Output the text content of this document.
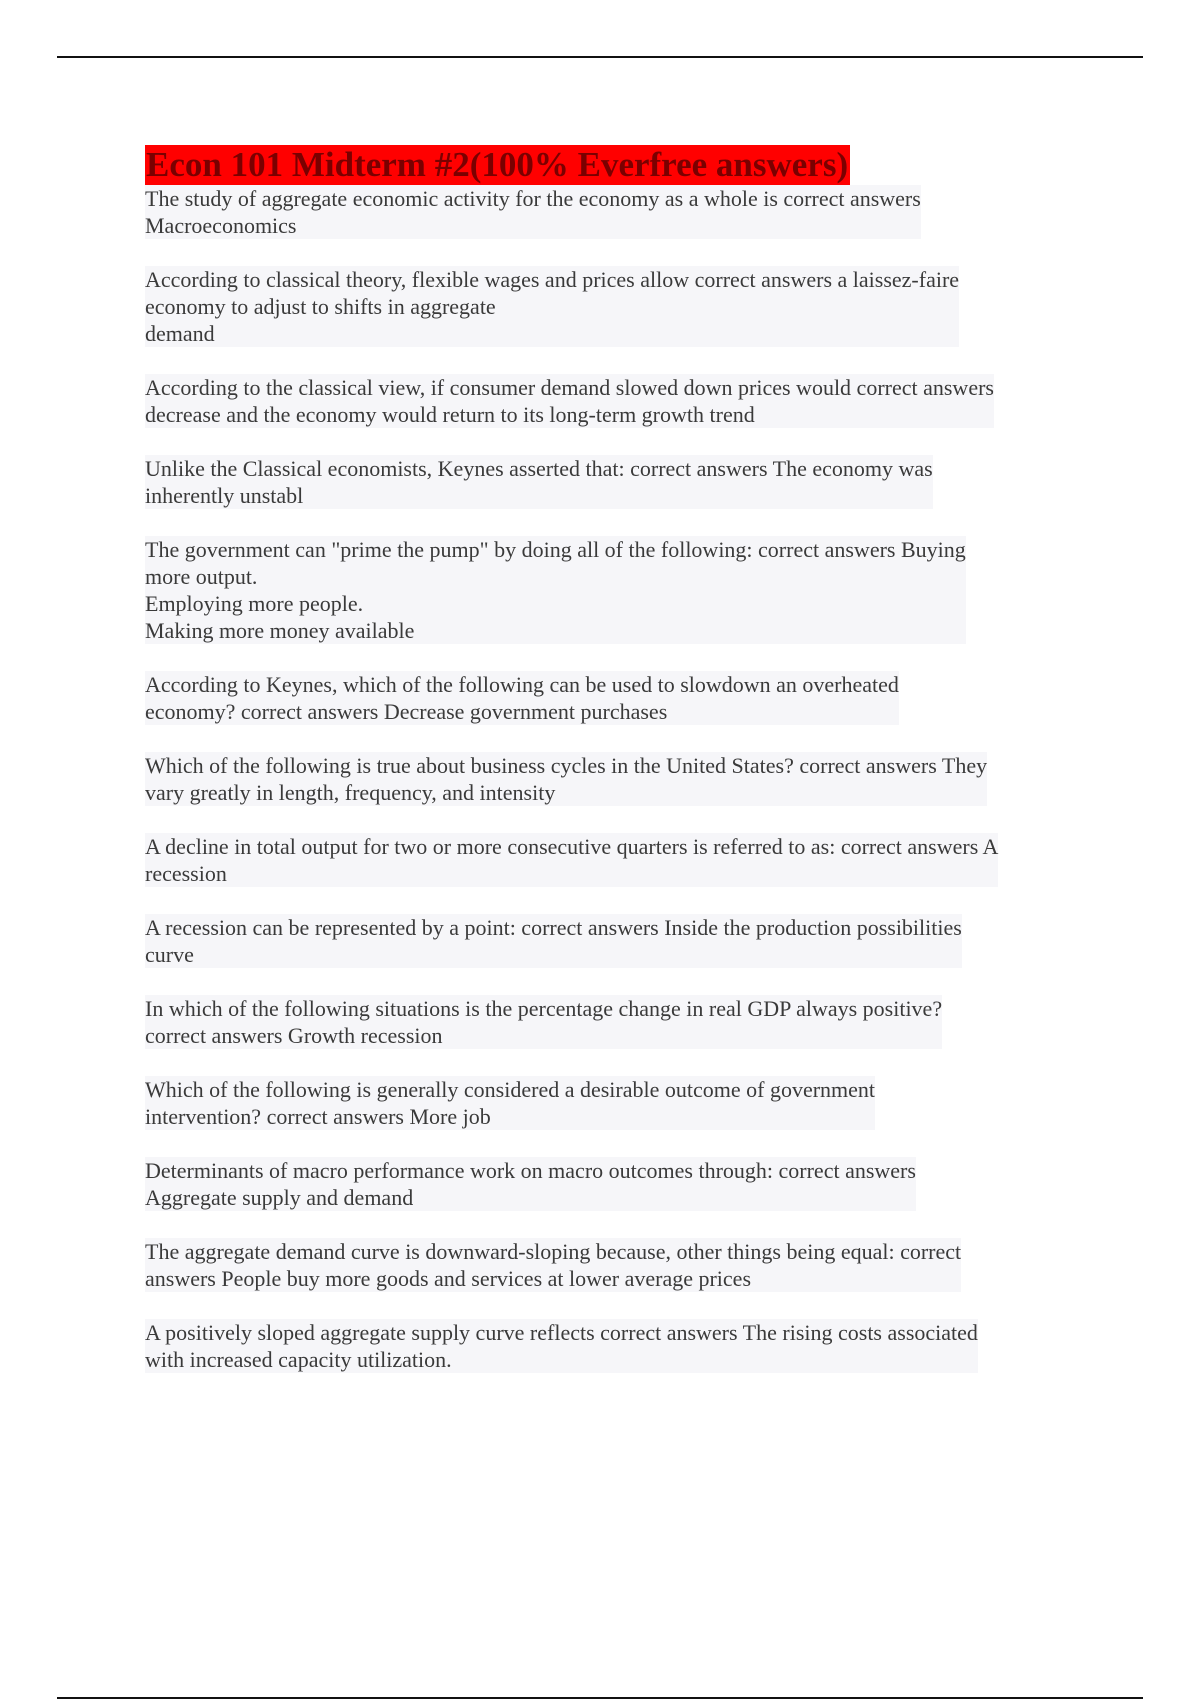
Econ 101 Midterm #2(100% Everfree answers)
The study of aggregate economic activity for the economy as a whole is correct answers
Macroeconomics
According to classical theory, flexible wages and prices allow correct answers a laissez-faire
economy to adjust to shifts in aggregate
demand
According to the classical view, if consumer demand slowed down prices would correct answers
decrease and the economy would return to its long-term growth trend
Unlike the Classical economists, Keynes asserted that: correct answers The economy was
inherently unstabl
The government can "prime the pump" by doing all of the following: correct answers Buying
more output.
Employing more people.
Making more money available
According to Keynes, which of the following can be used to slowdown an overheated
economy? correct answers Decrease government purchases
Which of the following is true about business cycles in the United States? correct answers They
vary greatly in length, frequency, and intensity
A decline in total output for two or more consecutive quarters is referred to as: correct answers A
recession
A recession can be represented by a point: correct answers Inside the production possibilities
curve
In which of the following situations is the percentage change in real GDP always positive?
correct answers Growth recession
Which of the following is generally considered a desirable outcome of government
intervention? correct answers More job
Determinants of macro performance work on macro outcomes through: correct answers
Aggregate supply and demand
The aggregate demand curve is downward-sloping because, other things being equal: correct
answers People buy more goods and services at lower average prices
A positively sloped aggregate supply curve reflects correct answers The rising costs associated
with increased capacity utilization.
